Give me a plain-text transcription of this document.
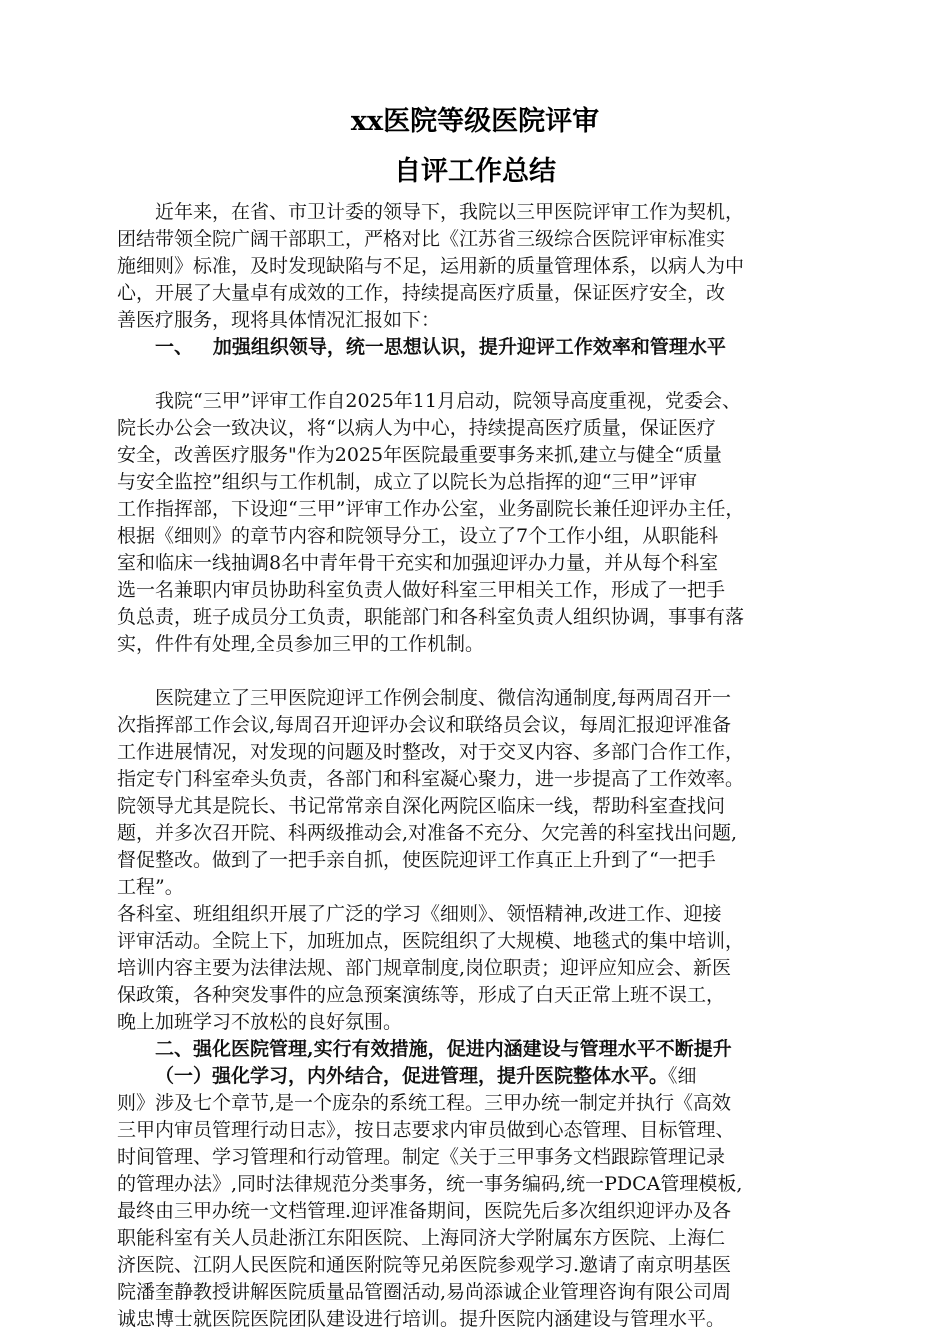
xx医院等级医院评审
自评工作总结
近年来，在省、市卫计委的领导下，我院以三甲医院评审工作为契机，
团结带领全院广阔干部职工，严格对比《江苏省三级综合医院评审标准实
施细则》标准，及时发现缺陷与不足，运用新的质量管理体系，以病人为中
心，开展了大量卓有成效的工作，持续提高医疗质量，保证医疗安全，改
善医疗服务，现将具体情况汇报如下：
一、   加强组织领导，统一思想认识，提升迎评工作效率和管理水平
我院“三甲”评审工作自2025年11月启动，院领导高度重视，党委会、
院长办公会一致决议，将“以病人为中心，持续提高医疗质量，保证医疗
安全，改善医疗服务"作为2025年医院最重要事务来抓,建立与健全“质量
与安全监控”组织与工作机制，成立了以院长为总指挥的迎“三甲”评审
工作指挥部，下设迎“三甲”评审工作办公室，业务副院长兼任迎评办主任，
根据《细则》的章节内容和院领导分工，设立了7个工作小组，从职能科
室和临床一线抽调8名中青年骨干充实和加强迎评办力量，并从每个科室
选一名兼职内审员协助科室负责人做好科室三甲相关工作，形成了一把手
负总责，班子成员分工负责，职能部门和各科室负责人组织协调，事事有落
实，件件有处理,全员参加三甲的工作机制。
医院建立了三甲医院迎评工作例会制度、微信沟通制度,每两周召开一
次指挥部工作会议,每周召开迎评办会议和联络员会议，每周汇报迎评准备
工作进展情况，对发现的问题及时整改，对于交叉内容、多部门合作工作，
指定专门科室牵头负责，各部门和科室凝心聚力，进一步提高了工作效率。
院领导尤其是院长、书记常常亲自深化两院区临床一线，帮助科室查找问
题，并多次召开院、科两级推动会,对准备不充分、欠完善的科室找出问题,
督促整改。做到了一把手亲自抓，使医院迎评工作真正上升到了“一把手
工程”。
各科室、班组组织开展了广泛的学习《细则》、领悟精神,改进工作、迎接
评审活动。全院上下，加班加点，医院组织了大规模、地毯式的集中培训，
培训内容主要为法律法规、部门规章制度,岗位职责；迎评应知应会、新医
保政策，各种突发事件的应急预案演练等，形成了白天正常上班不误工，
晚上加班学习不放松的良好氛围。
二、强化医院管理,实行有效措施，促进内涵建设与管理水平不断提升
（一）强化学习，内外结合，促进管理，提升医院整体水平。《细
则》涉及七个章节,是一个庞杂的系统工程。三甲办统一制定并执行《高效
三甲内审员管理行动日志》，按日志要求内审员做到心态管理、目标管理、
时间管理、学习管理和行动管理。制定《关于三甲事务文档跟踪管理记录
的管理办法》,同时法律规范分类事务，统一事务编码,统一PDCA管理模板,
最终由三甲办统一文档管理.迎评准备期间，医院先后多次组织迎评办及各
职能科室有关人员赴浙江东阳医院、上海同济大学附属东方医院、上海仁
济医院、江阴人民医院和通医附院等兄弟医院参观学习.邀请了南京明基医
院潘奎静教授讲解医院质量品管圈活动,易尚添诚企业管理咨询有限公司周
诚忠博士就医院医院团队建设进行培训。提升医院内涵建设与管理水平。
